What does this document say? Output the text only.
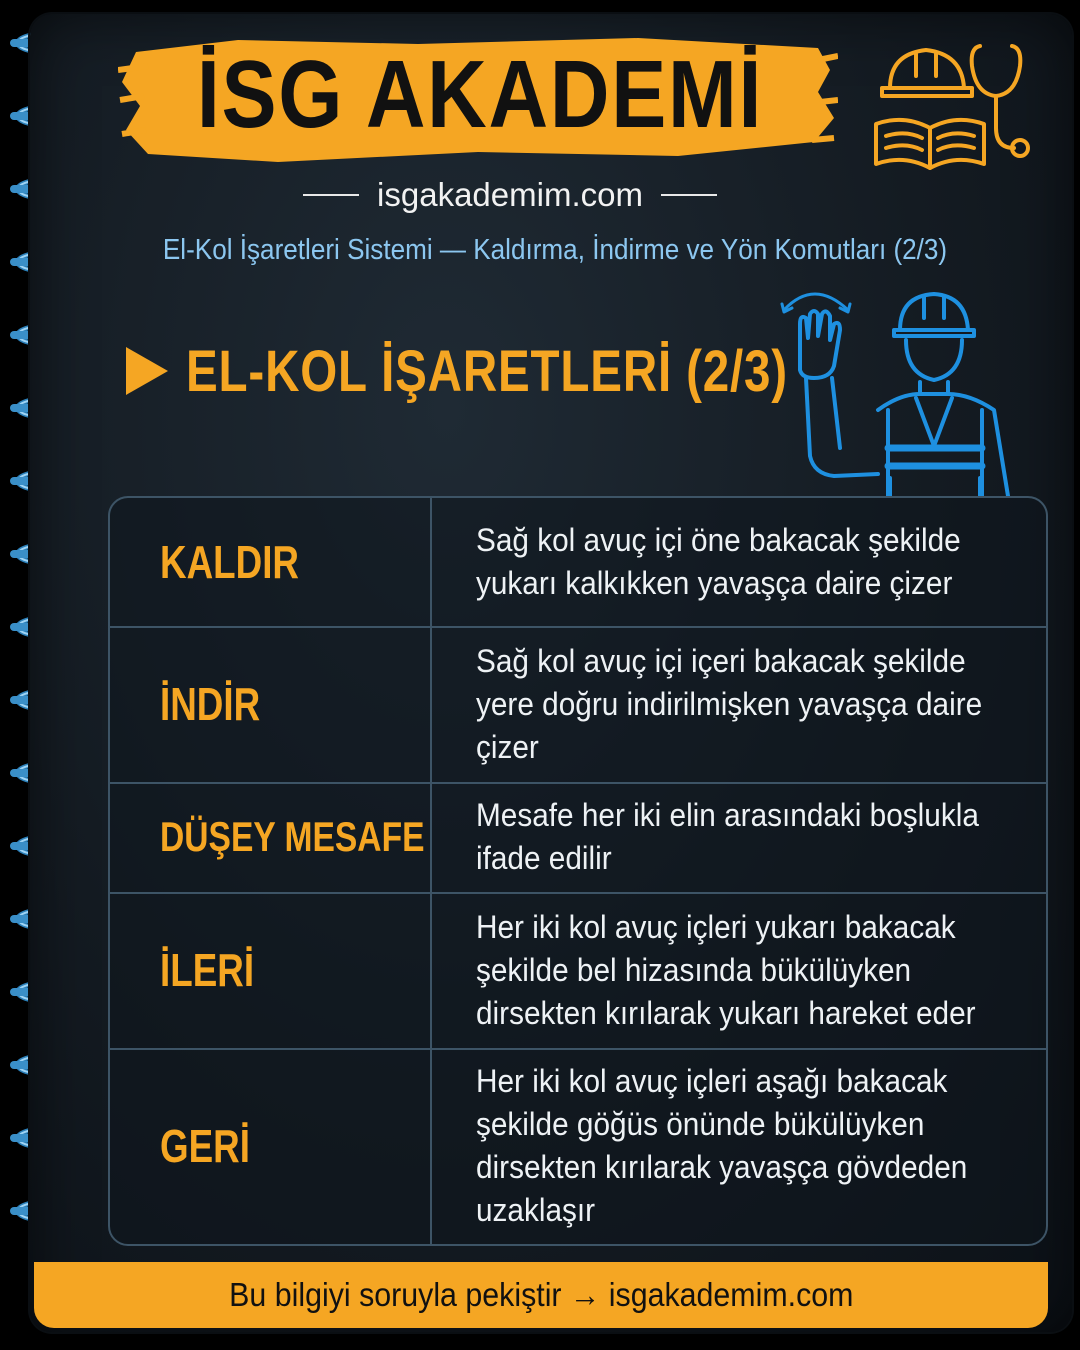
İSG AKADEMİ
isgakademim.com
El-Kol İşaretleri Sistemi — Kaldırma, İndirme ve Yön Komutları (2/3)
EL-KOL İŞARETLERİ (2/3)
KALDIR	Sağ kol avuç içi öne bakacak şekilde yukarı kalkıkken yavaşça daire çizer
İNDİR
Sağ kol avuç içi içeri bakacak şekilde yere doğru indirilmişken yavaşça daire çizer
DÜŞEY MESAFE Mesafe her iki elin arasındaki boşlukla ifade edilir
İLERİ
Her iki kol avuç içleri yukarı bakacak şekilde bel hizasında bükülüyken dirsekten kırılarak yukarı hareket eder
GERİ
Her iki kol avuç içleri aşağı bakacak şekilde göğüs önünde bükülüyken dirsekten kırılarak yavaşça gövdeden uzaklaşır
Bu bilgiyi soruyla pekiştir → isgakademim.com
